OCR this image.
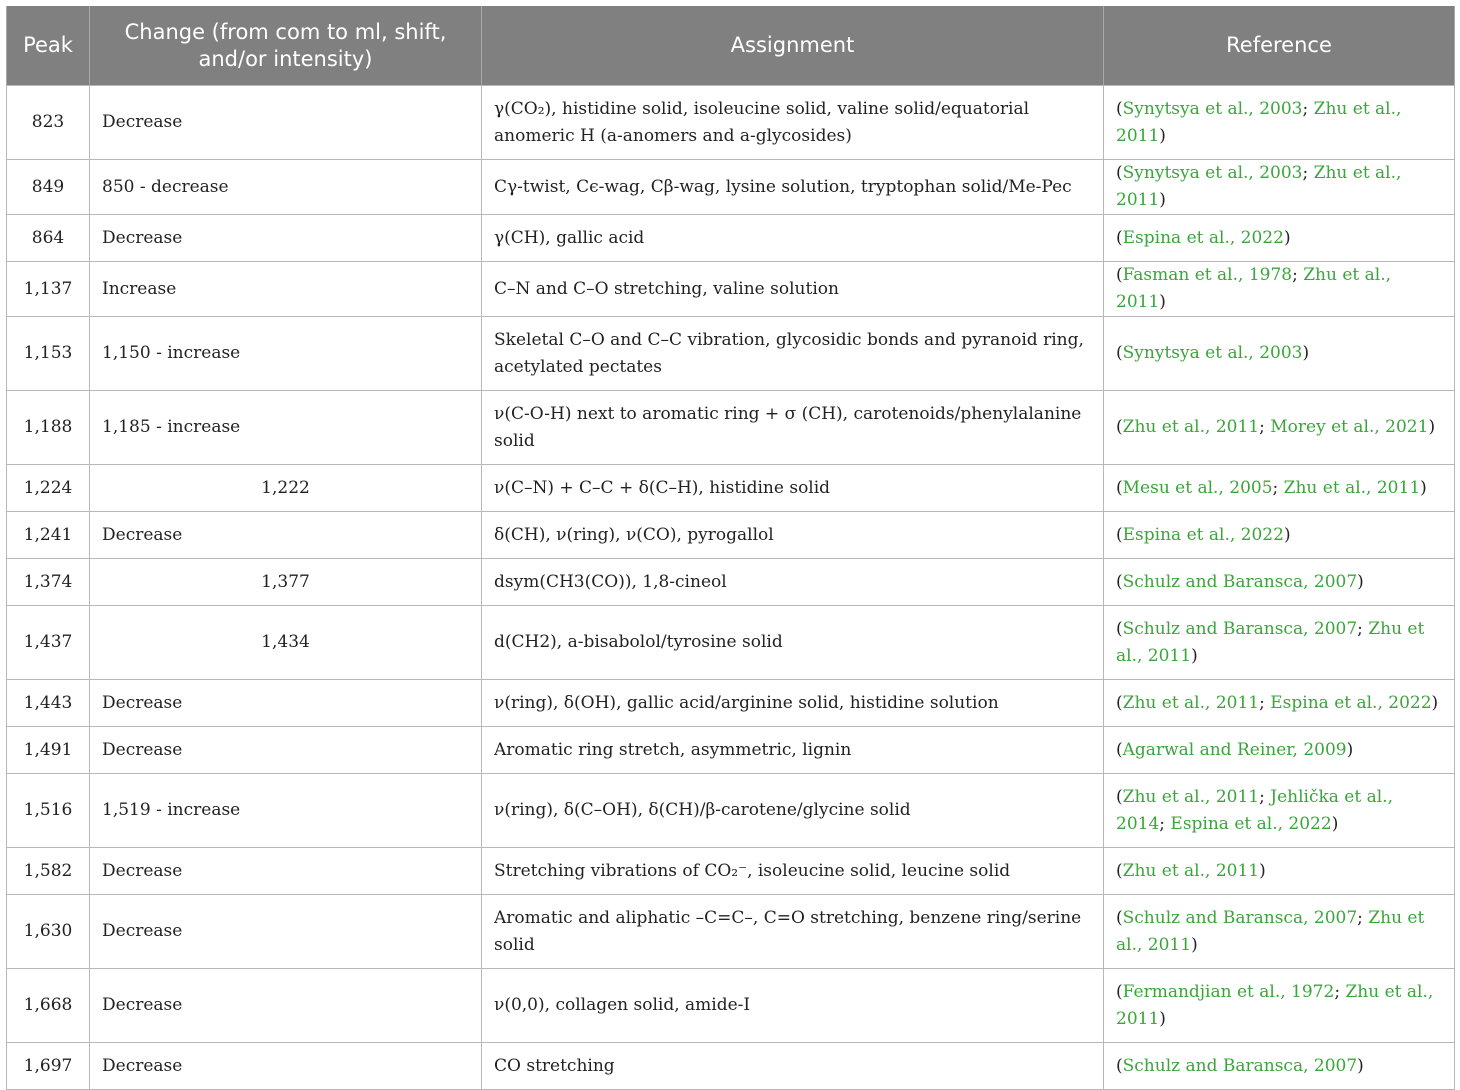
Peak	Change (from com to ml, shift, and/or intensity)	Assignment	Reference
823	Decrease	γ(CO₂), histidine solid, isoleucine solid, valine solid/equatorial anomeric H (a-anomers and a-glycosides)	(Synytsya et al., 2003; Zhu et al., 2011)
849	850 - decrease	Cγ-twist, Cϵ-wag, Cβ-wag, lysine solution, tryptophan solid/Me-Pec	(Synytsya et al., 2003; Zhu et al., 2011)
864	Decrease	γ(CH), gallic acid	(Espina et al., 2022)
1,137	Increase	C–N and C–O stretching, valine solution	(Fasman et al., 1978; Zhu et al., 2011)
1,153	1,150 - increase	Skeletal C–O and C–C vibration, glycosidic bonds and pyranoid ring, acetylated pectates	(Synytsya et al., 2003)
1,188	1,185 - increase	ν(C-O-H) next to aromatic ring + σ (CH), carotenoids/phenylalanine solid	(Zhu et al., 2011; Morey et al., 2021)
1,224	1,222	ν(C–N) + C–C + δ(C–H), histidine solid	(Mesu et al., 2005; Zhu et al., 2011)
1,241	Decrease	δ(CH), ν(ring), ν(CO), pyrogallol	(Espina et al., 2022)
1,374	1,377	dsym(CH3(CO)), 1,8-cineol	(Schulz and Baransca, 2007)
1,437	1,434	d(CH2), a-bisabolol/tyrosine solid	(Schulz and Baransca, 2007; Zhu et al., 2011)
1,443	Decrease	ν(ring), δ(OH), gallic acid/arginine solid, histidine solution	(Zhu et al., 2011; Espina et al., 2022)
1,491	Decrease	Aromatic ring stretch, asymmetric, lignin	(Agarwal and Reiner, 2009)
1,516	1,519 - increase	ν(ring), δ(C–OH), δ(CH)/β-carotene/glycine solid	(Zhu et al., 2011; Jehlička et al., 2014; Espina et al., 2022)
1,582	Decrease	Stretching vibrations of CO₂⁻, isoleucine solid, leucine solid	(Zhu et al., 2011)
1,630	Decrease	Aromatic and aliphatic –C=C–, C=O stretching, benzene ring/serine solid	(Schulz and Baransca, 2007; Zhu et al., 2011)
1,668	Decrease	ν(0,0), collagen solid, amide-I	(Fermandjian et al., 1972; Zhu et al., 2011)
1,697	Decrease	CO stretching	(Schulz and Baransca, 2007)
